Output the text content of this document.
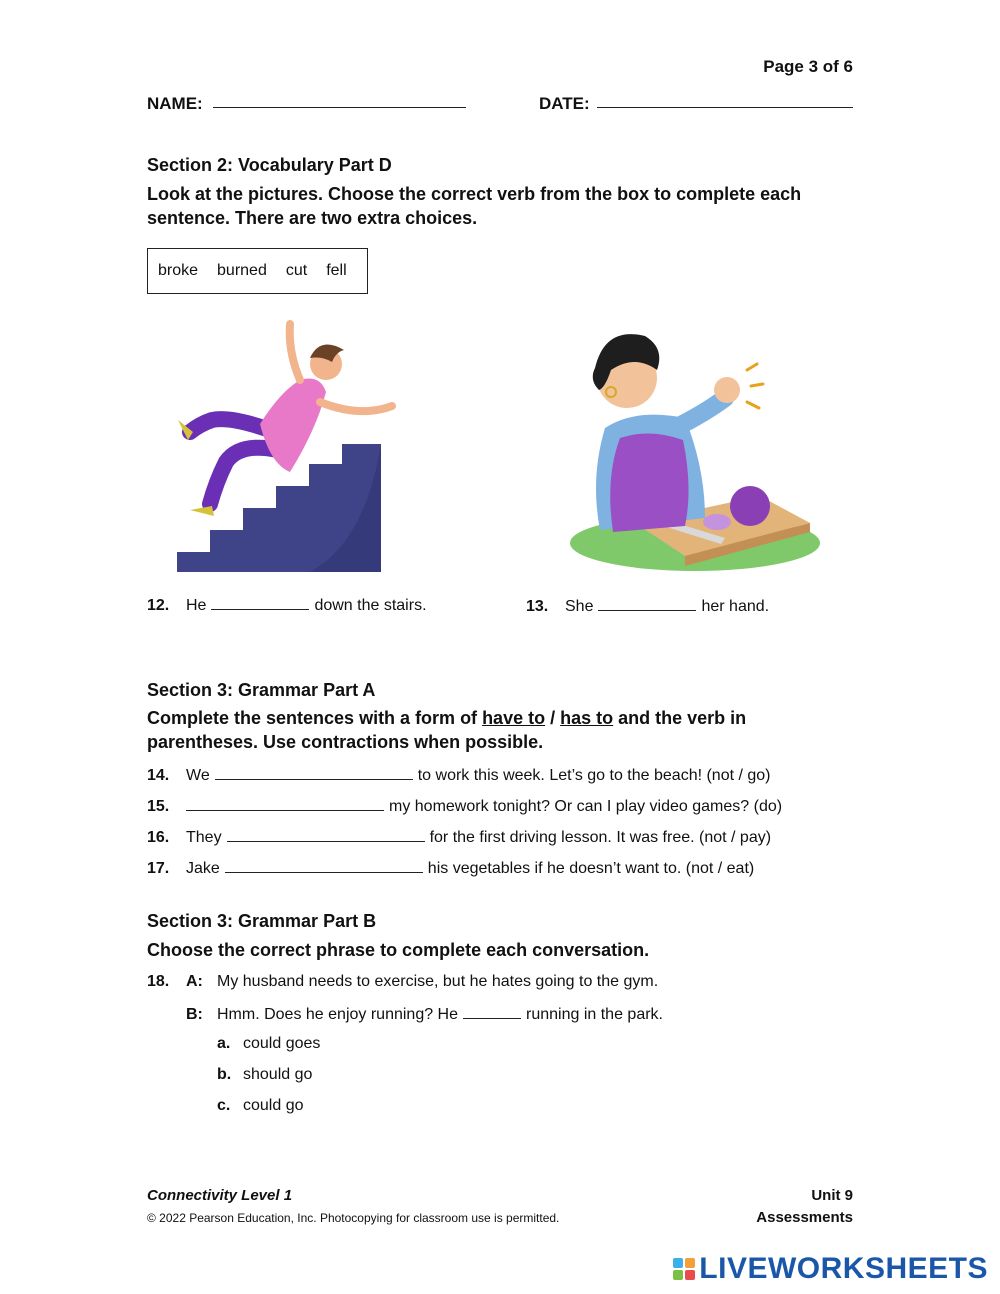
Page 3 of 6
NAME:	DATE:
Section 2: Vocabulary Part D
Look at the pictures. Choose the correct verb from the box to complete each sentence. There are two extra choices.
broke burned cut fell
12. He	down the stairs.	13. She	her hand.
Section 3: Grammar Part A
Complete the sentences with a form of have to / has to and the verb in parentheses. Use contractions when possible.
14. We	to work this week. Let’s go to the beach! (not / go)
15.	my homework tonight? Or can I play video games? (do)
16. They	for the first driving lesson. It was free. (not / pay)
17. Jake	his vegetables if he doesn’t want to. (not / eat)
Section 3: Grammar Part B
Choose the correct phrase to complete each conversation.
18. A: My husband needs to exercise, but he hates going to the gym.
B: Hmm. Does he enjoy running? He	running in the park.
a. could goes
b. should go
c. could go
Connectivity Level 1
© 2022 Pearson Education, Inc. Photocopying for classroom use is permitted.
Unit 9
Assessments
LIVEWORKSHEETS
